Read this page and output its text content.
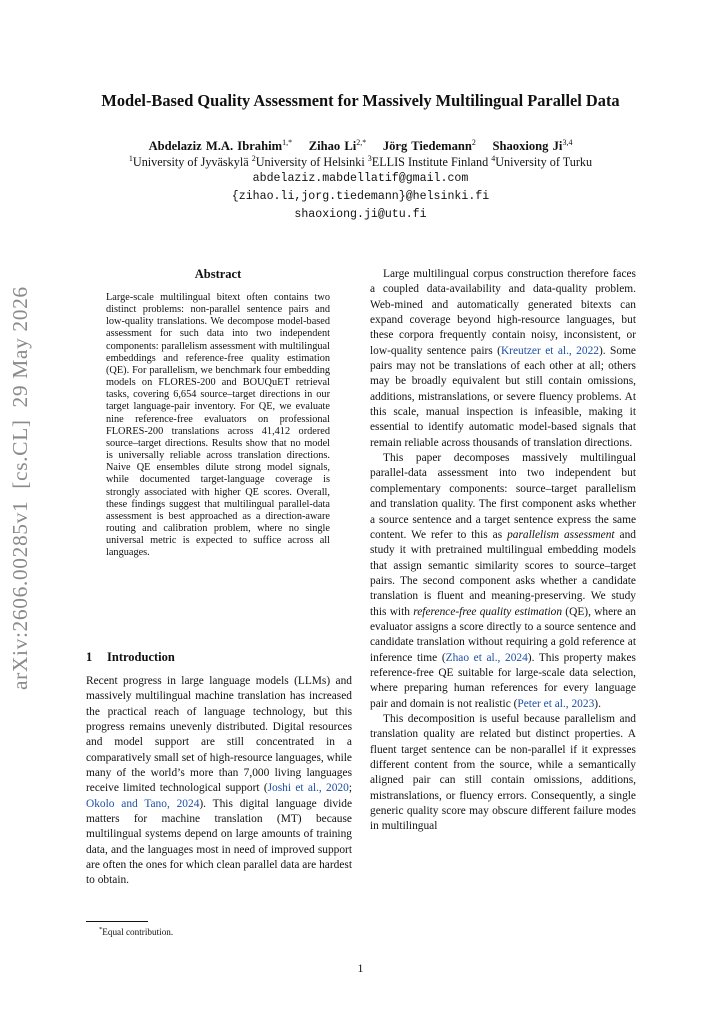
arXiv:2606.00285v1  [cs.CL]  29 May 2026
Model-Based Quality Assessment for Massively Multilingual Parallel Data
Abdelaziz M.A. Ibrahim$^{1,*}$ Zihao $Li^{2,*}$ Jörg Tiedemann$^2$ Shaoxiong Ji$^{3,4}$
$^1$University of Jyväskylä $^2$University of Helsinki $^3$ELLIS Institute Finland $^4$University of Turku
abdelaziz.mabdellatif@gmail.com
{zihao.li,jorg.tiedemann}@helsinki.fi
shaoxiong.ji@utu.fi
Abstract
Large-scale multilingual bitext often contains two distinct problems: non-parallel sentence pairs and low-quality translations. We decompose model-based assessment for such data into two independent components: parallelism assessment with multilingual embeddings and reference-free quality estimation (QE). For parallelism, we benchmark four embedding models on FLORES-200 and BOUQuET retrieval tasks, covering 6,654 source–target directions in our target language-pair inventory. For QE, we evaluate nine reference-free evaluators on professional FLORES-200 translations across 41,412 ordered source–target directions. Results show that no model is universally reliable across translation directions. Naive QE ensembles dilute strong model signals, while documented target-language coverage is strongly associated with higher QE scores. Overall, these findings suggest that multilingual parallel-data assessment is best approached as a direction-aware routing and calibration problem, where no single universal metric is expected to suffice across all languages.
1 Introduction

Recent progress in large language models (LLMs) and massively multilingual machine translation has increased the practical reach of language technology, but this progress remains unevenly distributed. Digital resources and model support are still concentrated in a comparatively small set of high-resource languages, while many of the world’s more than 7,000 living languages receive limited technological support (Joshi et al., 2020; Okolo and Tano, 2024). This digital language divide matters for machine translation (MT) because multilingual systems depend on large amounts of training data, and the languages most in need of improved support are often the ones for which clean parallel data are hardest to obtain.

Large multilingual corpus construction therefore faces a coupled data-availability and data-quality problem. Web-mined and automatically generated bitexts can expand coverage beyond high-resource languages, but these corpora frequently contain noisy, inconsistent, or low-quality sentence pairs (Kreutzer et al., 2022). Some pairs may not be translations of each other at all; others may be broadly equivalent but still contain omissions, additions, mistranslations, or severe fluency problems. At this scale, manual inspection is infeasible, making it essential to identify automatic model-based signals that remain reliable across thousands of translation directions.

This paper decomposes massively multilingual parallel-data assessment into two independent but complementary components: source–target parallelism and translation quality. The first component asks whether a source sentence and a target sentence express the same content. We refer to this as parallelism assessment and study it with pretrained multilingual embedding models that assign semantic similarity scores to source–target pairs. The second component asks whether a candidate translation is fluent and meaning-preserving. We study this with reference-free quality estimation (QE), where an evaluator assigns a score directly to a source sentence and candidate translation without requiring a gold reference at inference time (Zhao et al., 2024). This property makes reference-free QE suitable for large-scale data selection, where preparing human references for every language pair and domain is not realistic (Peter et al., 2023).

This decomposition is useful because parallelism and translation quality are related but distinct properties. A fluent target sentence can be non-parallel if it expresses different content from the source, while a semantically aligned pair can still contain omissions, additions, mistranslations, or fluency errors. Consequently, a single generic quality score may obscure different failure modes in multilingual

*Equal contribution.
1
